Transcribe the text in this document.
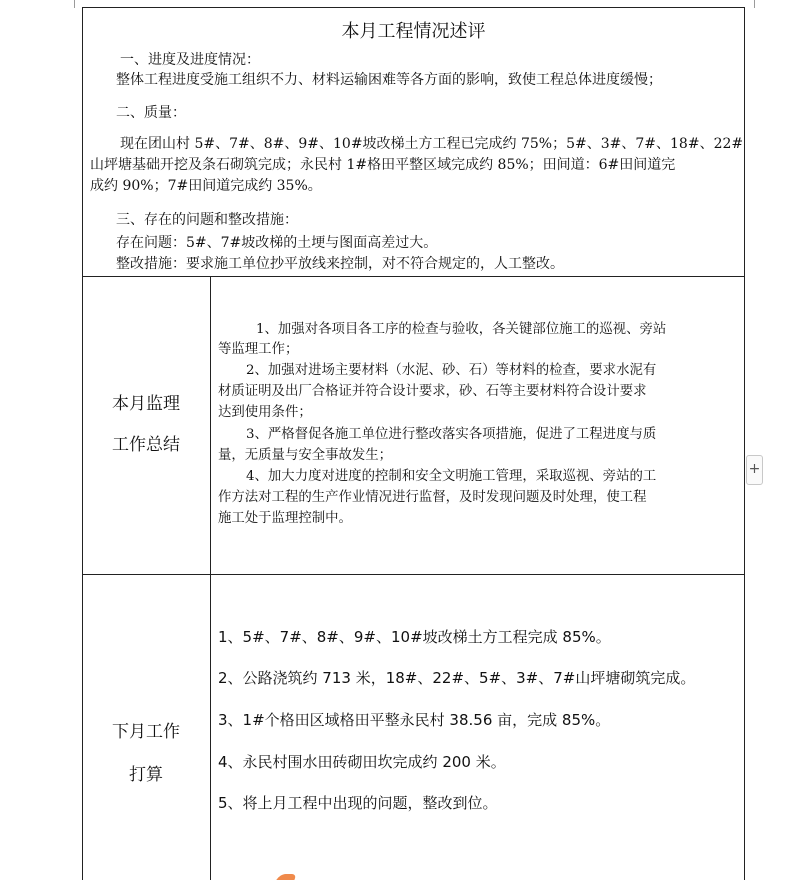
本月工程情况述评
一、进度及进度情况：
整体工程进度受施工组织不力、材料运输困难等各方面的影响，致使工程总体进度缓慢；
二、质量：
现在团山村 5#、7#、8#、9#、10#坡改梯土方工程已完成约 75%；5#、3#、7#、18#、22#
山坪塘基础开挖及条石砌筑完成；永民村 1#格田平整区域完成约 85%；田间道：6#田间道完
成约 90%；7#田间道完成约 35%。
三、存在的问题和整改措施：
存在问题：5#、7#坡改梯的土埂与图面高差过大。
整改措施：要求施工单位抄平放线来控制，对不符合规定的，人工整改。
本月监理
工作总结
1、加强对各项目各工序的检查与验收，各关键部位施工的巡视、旁站
等监理工作；
2、加强对进场主要材料（水泥、砂、石）等材料的检查，要求水泥有
材质证明及出厂合格证并符合设计要求，砂、石等主要材料符合设计要求
达到使用条件；
3、严格督促各施工单位进行整改落实各项措施，促进了工程进度与质
量，无质量与安全事故发生；
4、加大力度对进度的控制和安全文明施工管理，采取巡视、旁站的工
作方法对工程的生产作业情况进行监督，及时发现问题及时处理，使工程
施工处于监理控制中。
下月工作
打算
1、5#、7#、8#、9#、10#坡改梯土方工程完成 85%。
2、公路浇筑约 713 米，18#、22#、5#、3#、7#山坪塘砌筑完成。
3、1#个格田区域格田平整永民村 38.56 亩，完成 85%。
4、永民村围水田砖砌田坎完成约 200 米。
5、将上月工程中出现的问题，整改到位。
+
